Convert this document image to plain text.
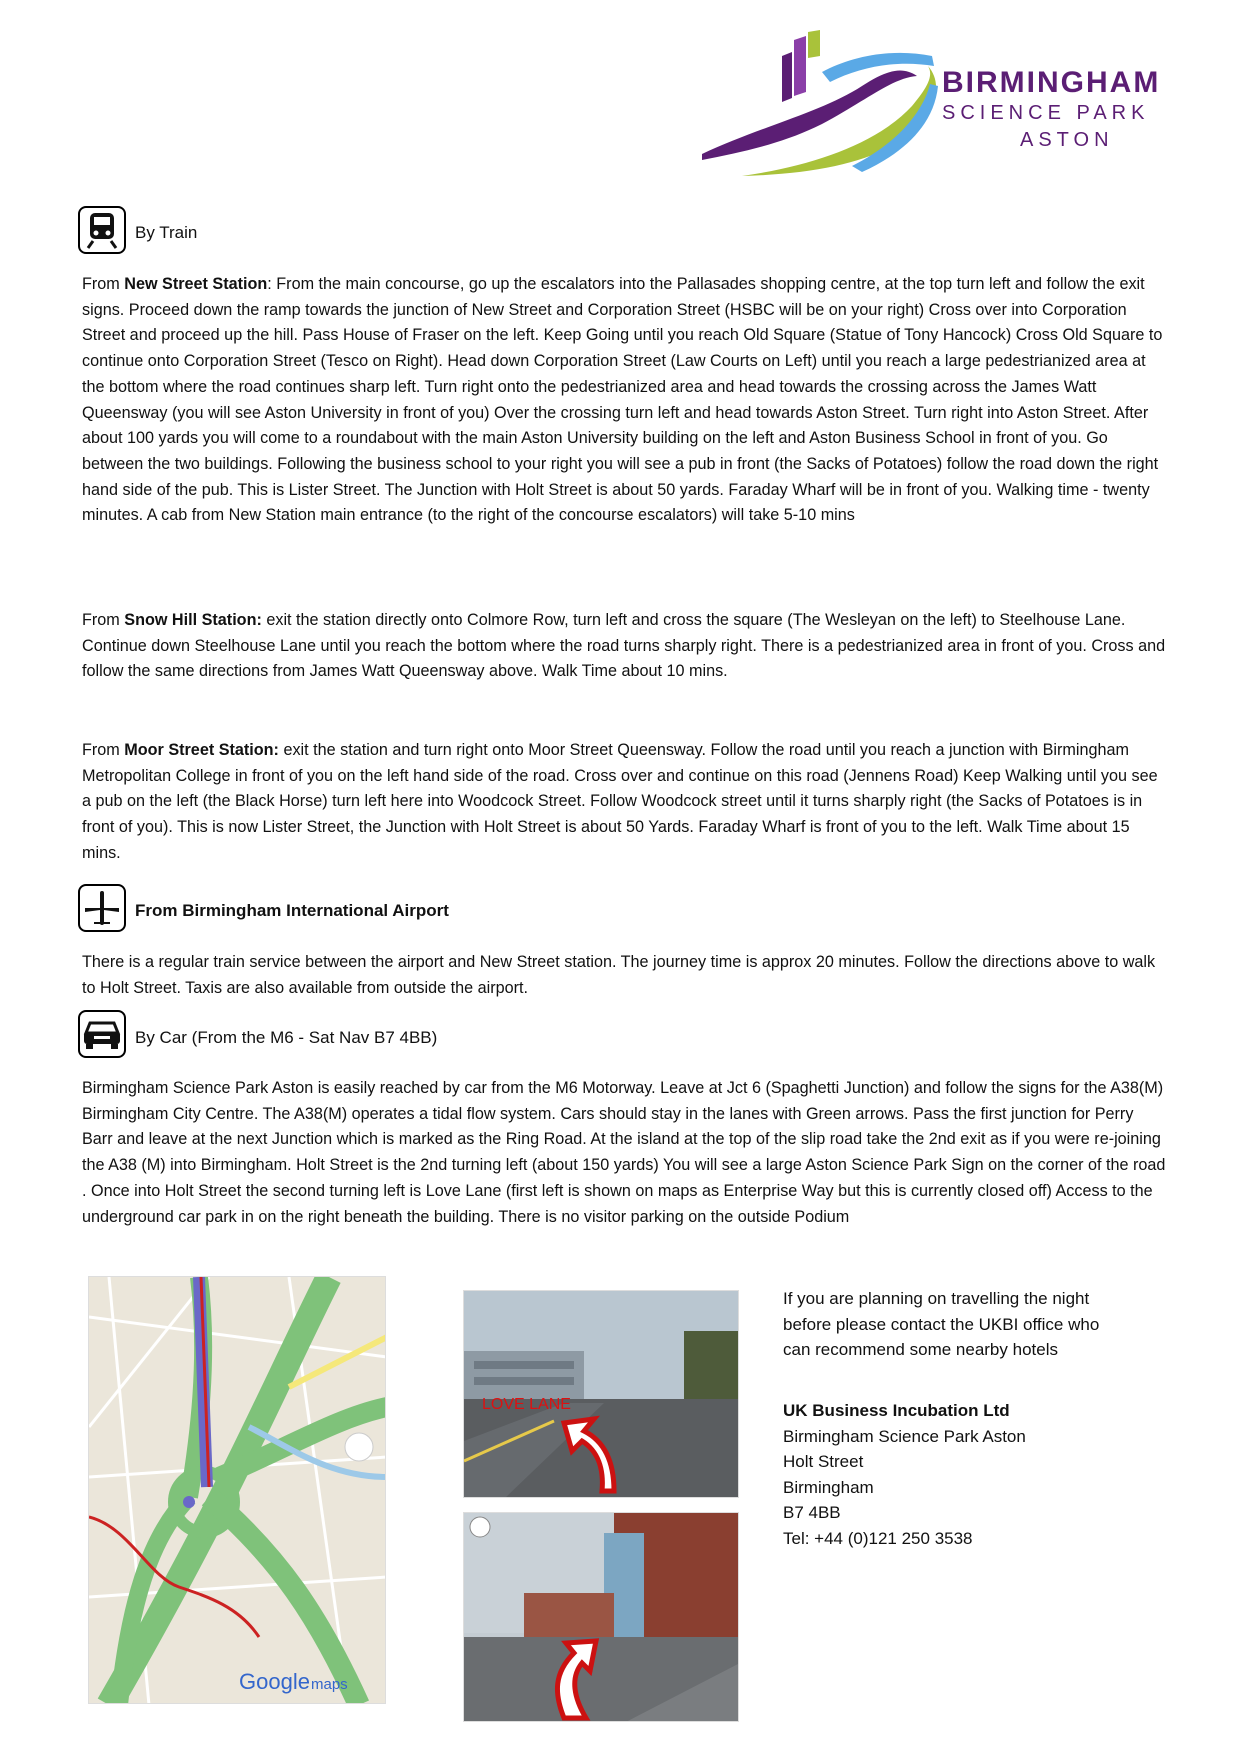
BIRMINGHAM
SCIENCE PARK
ASTON
By Train
From New Street Station: From the main concourse, go up the escalators into the Pallasades shopping centre, at the top turn left and follow the exit signs. Proceed down the ramp towards the junction of New Street and Corporation Street (HSBC will be on your right) Cross over into Corporation Street and proceed up the hill. Pass House of Fraser on the left. Keep Going until you reach Old Square (Statue of Tony Hancock) Cross Old Square to continue onto Corporation Street (Tesco on Right). Head down Corporation Street (Law Courts on Left) until you reach a large pedestrianized area at the bottom where the road continues sharp left. Turn right onto the pedestrianized area and head towards the crossing across the James Watt Queensway (you will see Aston University in front of you) Over the crossing turn left and head towards Aston Street. Turn right into Aston Street. After about 100 yards you will come to a roundabout with the main Aston University building on the left and Aston Business School in front of you. Go between the two buildings. Following the business school to your right you will see a pub in front (the Sacks of Potatoes) follow the road down the right hand side of the pub. This is Lister Street. The Junction with Holt Street is about 50 yards. Faraday Wharf will be in front of you. Walking time - twenty minutes. A cab from New Station main entrance (to the right of the concourse escalators) will take 5-10 mins
From Snow Hill Station: exit the station directly onto Colmore Row, turn left and cross the square (The Wesleyan on the left) to Steelhouse Lane. Continue down Steelhouse Lane until you reach the bottom where the road turns sharply right. There is a pedestrianized area in front of you. Cross and follow the same directions from James Watt Queensway above. Walk Time about 10 mins.
From Moor Street Station: exit the station and turn right onto Moor Street Queensway. Follow the road until you reach a junction with Birmingham Metropolitan College in front of you on the left hand side of the road. Cross over and continue on this road (Jennens Road) Keep Walking until you see a pub on the left (the Black Horse) turn left here into Woodcock Street. Follow Woodcock street until it turns sharply right (the Sacks of Potatoes is in front of you). This is now Lister Street, the Junction with Holt Street is about 50 Yards. Faraday Wharf is front of you to the left. Walk Time about 15 mins.
From Birmingham International Airport
There is a regular train service between the airport and New Street station. The journey time is approx 20 minutes. Follow the directions above to walk to Holt Street. Taxis are also available from outside the airport.
By Car (From the M6 - Sat Nav B7 4BB)
Birmingham Science Park Aston is easily reached by car from the M6 Motorway. Leave at Jct 6 (Spaghetti Junction) and follow the signs for the A38(M) Birmingham City Centre. The A38(M) operates a tidal flow system. Cars should stay in the lanes with Green arrows. Pass the first junction for Perry Barr and leave at the next Junction which is marked as the Ring Road. At the island at the top of the slip road take the 2nd exit as if you were re-joining the A38 (M) into Birmingham. Holt Street is the 2nd turning left (about 150 yards) You will see a large Aston Science Park Sign on the corner of the road . Once into Holt Street the second turning left is Love Lane (first left is shown on maps as Enterprise Way but this is currently closed off) Access to the underground car park in on the right beneath the building. There is no visitor parking on the outside Podium
Google maps
LOVE LANE
If you are planning on travelling the night
before please contact the UKBI office who
can recommend some nearby hotels
UK Business Incubation Ltd
Birmingham Science Park Aston
Holt Street
Birmingham
B7 4BB
Tel: +44 (0)121 250 3538
